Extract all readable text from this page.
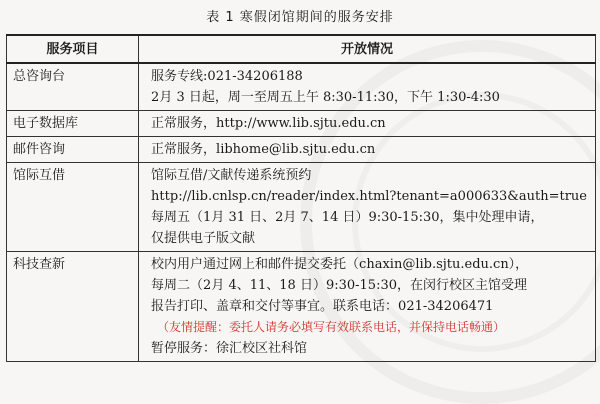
表 1 寒假闭馆期间的服务安排
服务项目	开放情况
总咨询台	服务专线:021-34206188
2月 3 日起，周一至周五上午 8:30-11:30，下午 1:30-4:30

电子数据库	正常服务，http://www.lib.sjtu.edu.cn

邮件咨询	正常服务，libhome@lib.sjtu.edu.cn

馆际互借	馆际互借/文献传递系统预约
http://lib.cnlsp.cn/reader/index.html?tenant=a000633&auth=true
每周五（1月 31 日、2月 7、14 日）9:30-15:30，集中处理申请，
仅提供电子版文献

科技查新	校内用户通过网上和邮件提交委托（chaxin@lib.sjtu.edu.cn），
每周二（2月 4、11、18 日）9:30-15:30，在闵行校区主馆受理
报告打印、盖章和交付等事宜。联系电话：021-34206471
（友情提醒：委托人请务必填写有效联系电话，并保持电话畅通）
暂停服务：徐汇校区社科馆
